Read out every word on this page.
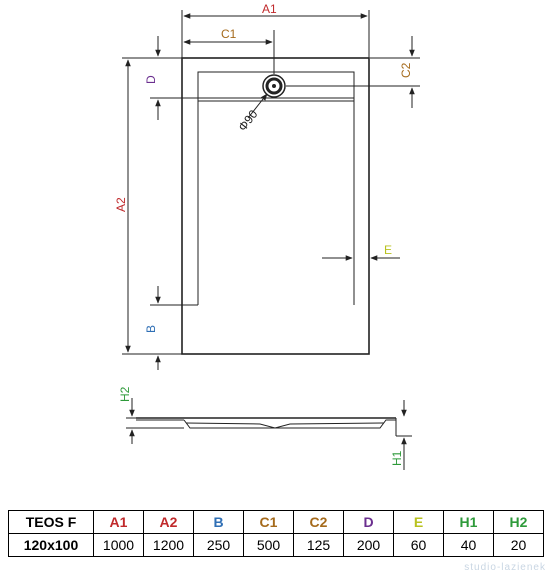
A1
C1
C2
D
A2
B
E
Φ90
H2
H1
TEOS F	A1	A2	B	C1	C2	D	E	H1	H2
120x100	1000	1200	250	500	125	200	60	40	20
studio-lazienek
